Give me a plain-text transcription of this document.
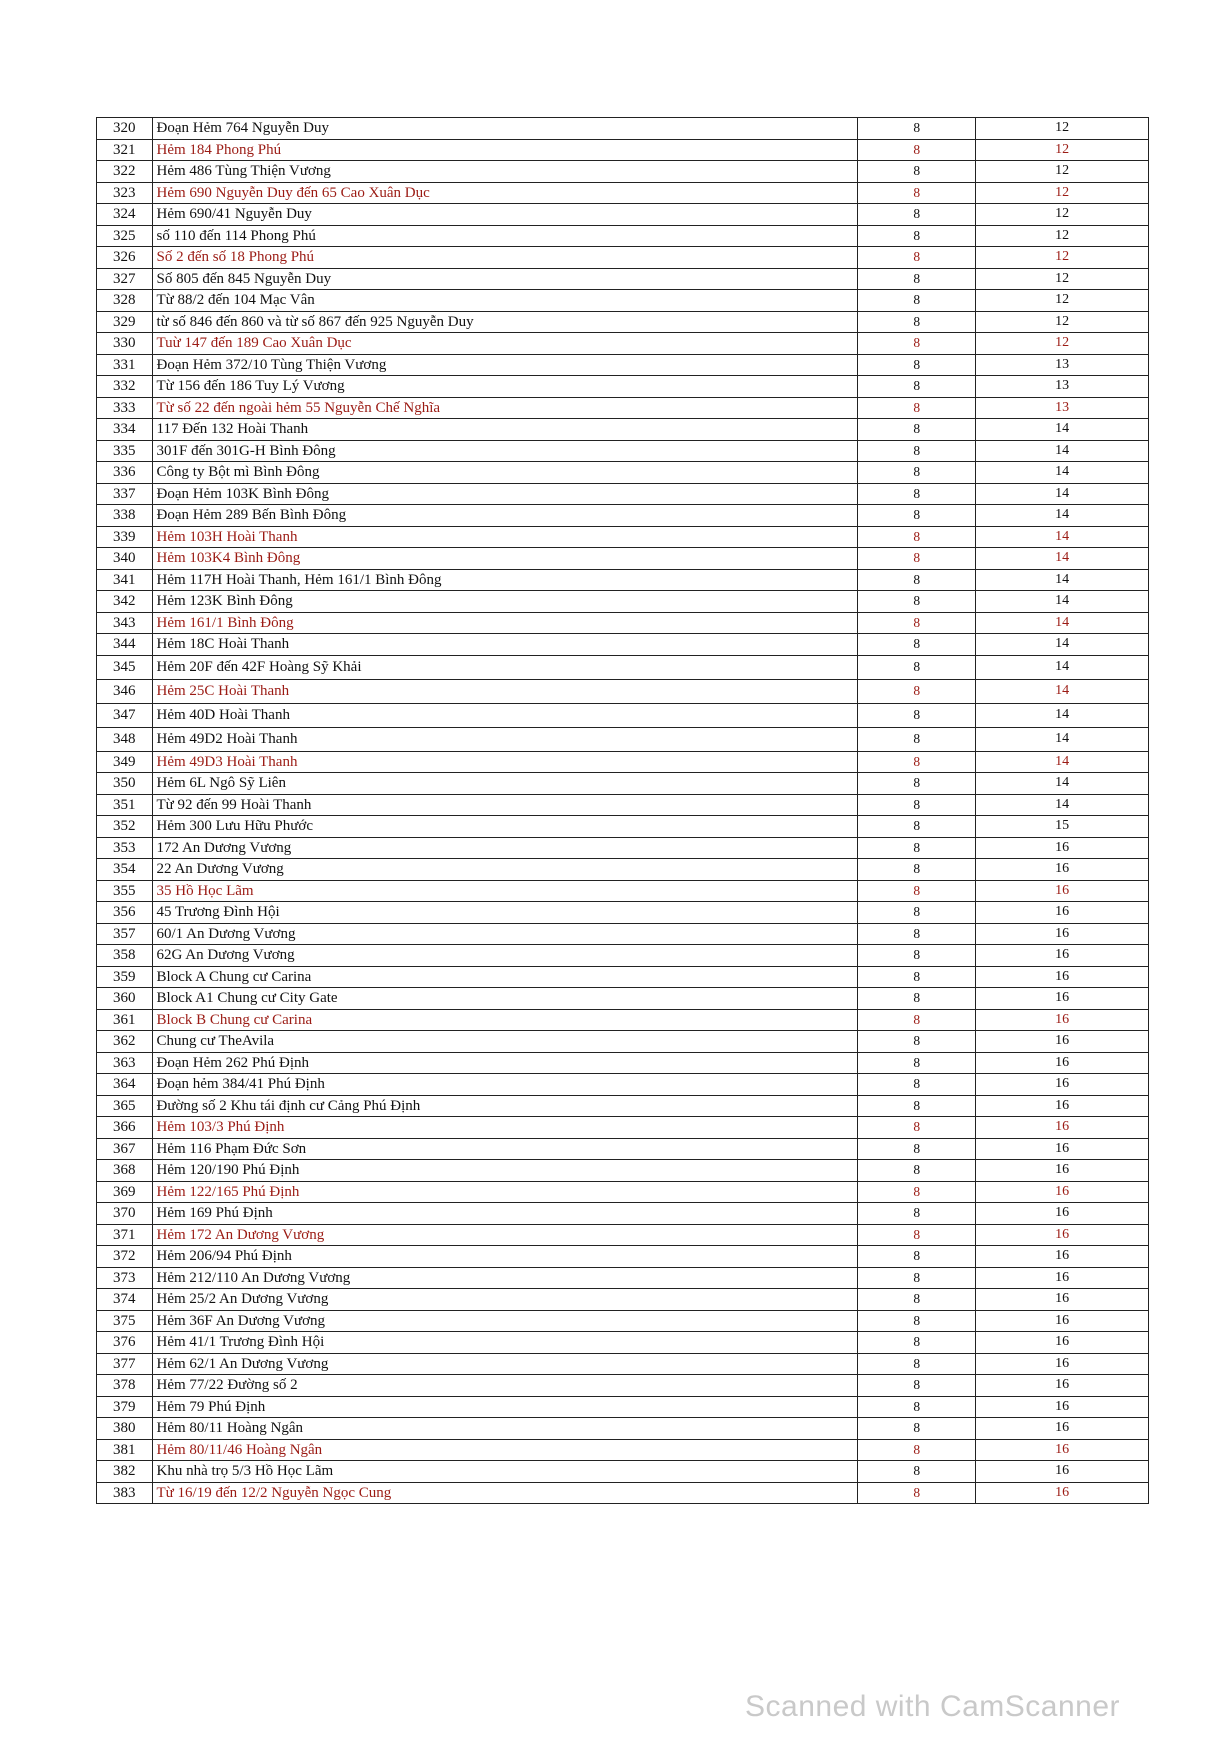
320	Đoạn Hẻm 764 Nguyễn Duy	8	12
321	Hẻm 184 Phong Phú	8	12
322	Hẻm 486 Tùng Thiện Vương	8	12
323	Hẻm 690 Nguyễn Duy đến 65 Cao Xuân Dục	8	12
324	Hẻm 690/41 Nguyễn Duy	8	12
325	số 110 đến 114 Phong Phú	8	12
326	Số 2 đến số 18 Phong Phú	8	12
327	Số 805 đến 845 Nguyễn Duy	8	12
328	Từ 88/2 đến 104 Mạc Vân	8	12
329	từ số 846 đến 860 và từ số 867 đến 925 Nguyễn Duy	8	12
330	Tuừ 147 đến 189 Cao Xuân Dục	8	12
331	Đoạn Hẻm 372/10 Tùng Thiện Vương	8	13
332	Từ 156 đến 186 Tuy Lý Vương	8	13
333	Từ số 22 đến ngoài hẻm 55 Nguyễn Chế Nghĩa	8	13
334	117 Đến 132 Hoài Thanh	8	14
335	301F đến 301G-H Bình Đông	8	14
336	Công ty Bột mì Bình Đông	8	14
337	Đoạn Hẻm 103K Bình Đông	8	14
338	Đoạn Hẻm 289 Bến Bình Đông	8	14
339	Hẻm 103H Hoài Thanh	8	14
340	Hẻm 103K4 Bình Đông	8	14
341	Hẻm 117H Hoài Thanh, Hẻm 161/1 Bình Đông	8	14
342	Hẻm 123K Bình Đông	8	14
343	Hẻm 161/1 Bình Đông	8	14
344	Hẻm 18C Hoài Thanh	8	14
345	Hẻm 20F đến 42F Hoàng Sỹ Khải	8	14
346	Hẻm 25C Hoài Thanh	8	14
347	Hẻm 40D Hoài Thanh	8	14
348	Hẻm 49D2 Hoài Thanh	8	14
349	Hẻm 49D3 Hoài Thanh	8	14
350	Hẻm 6L Ngô Sỹ Liên	8	14
351	Từ 92 đến 99 Hoài Thanh	8	14
352	Hẻm 300 Lưu Hữu Phước	8	15
353	172 An Dương Vương	8	16
354	22 An Dương Vương	8	16
355	35 Hồ Học Lãm	8	16
356	45 Trương Đình Hội	8	16
357	60/1 An Dương Vương	8	16
358	62G An Dương Vương	8	16
359	Block A Chung cư Carina	8	16
360	Block A1 Chung cư City Gate	8	16
361	Block B Chung cư Carina	8	16
362	Chung cư TheAvila	8	16
363	Đoạn Hẻm 262 Phú Định	8	16
364	Đoạn hẻm 384/41 Phú Định	8	16
365	Đường số 2 Khu tái định cư Cảng Phú Định	8	16
366	Hẻm 103/3 Phú Định	8	16
367	Hẻm 116 Phạm Đức Sơn	8	16
368	Hẻm 120/190 Phú Định	8	16
369	Hẻm 122/165 Phú Định	8	16
370	Hẻm 169 Phú Định	8	16
371	Hẻm 172 An Dương Vương	8	16
372	Hẻm 206/94 Phú Định	8	16
373	Hẻm 212/110 An Dương Vương	8	16
374	Hẻm 25/2 An Dương Vương	8	16
375	Hẻm 36F An Dương Vương	8	16
376	Hẻm 41/1 Trương Đình Hội	8	16
377	Hẻm 62/1 An Dương Vương	8	16
378	Hẻm 77/22 Đường số 2	8	16
379	Hẻm 79 Phú Định	8	16
380	Hẻm 80/11 Hoàng Ngân	8	16
381	Hẻm 80/11/46 Hoàng Ngân	8	16
382	Khu nhà trọ 5/3 Hồ Học Lãm	8	16
383	Từ 16/19 đến 12/2 Nguyễn Ngọc Cung	8	16
Scanned with CamScanner
